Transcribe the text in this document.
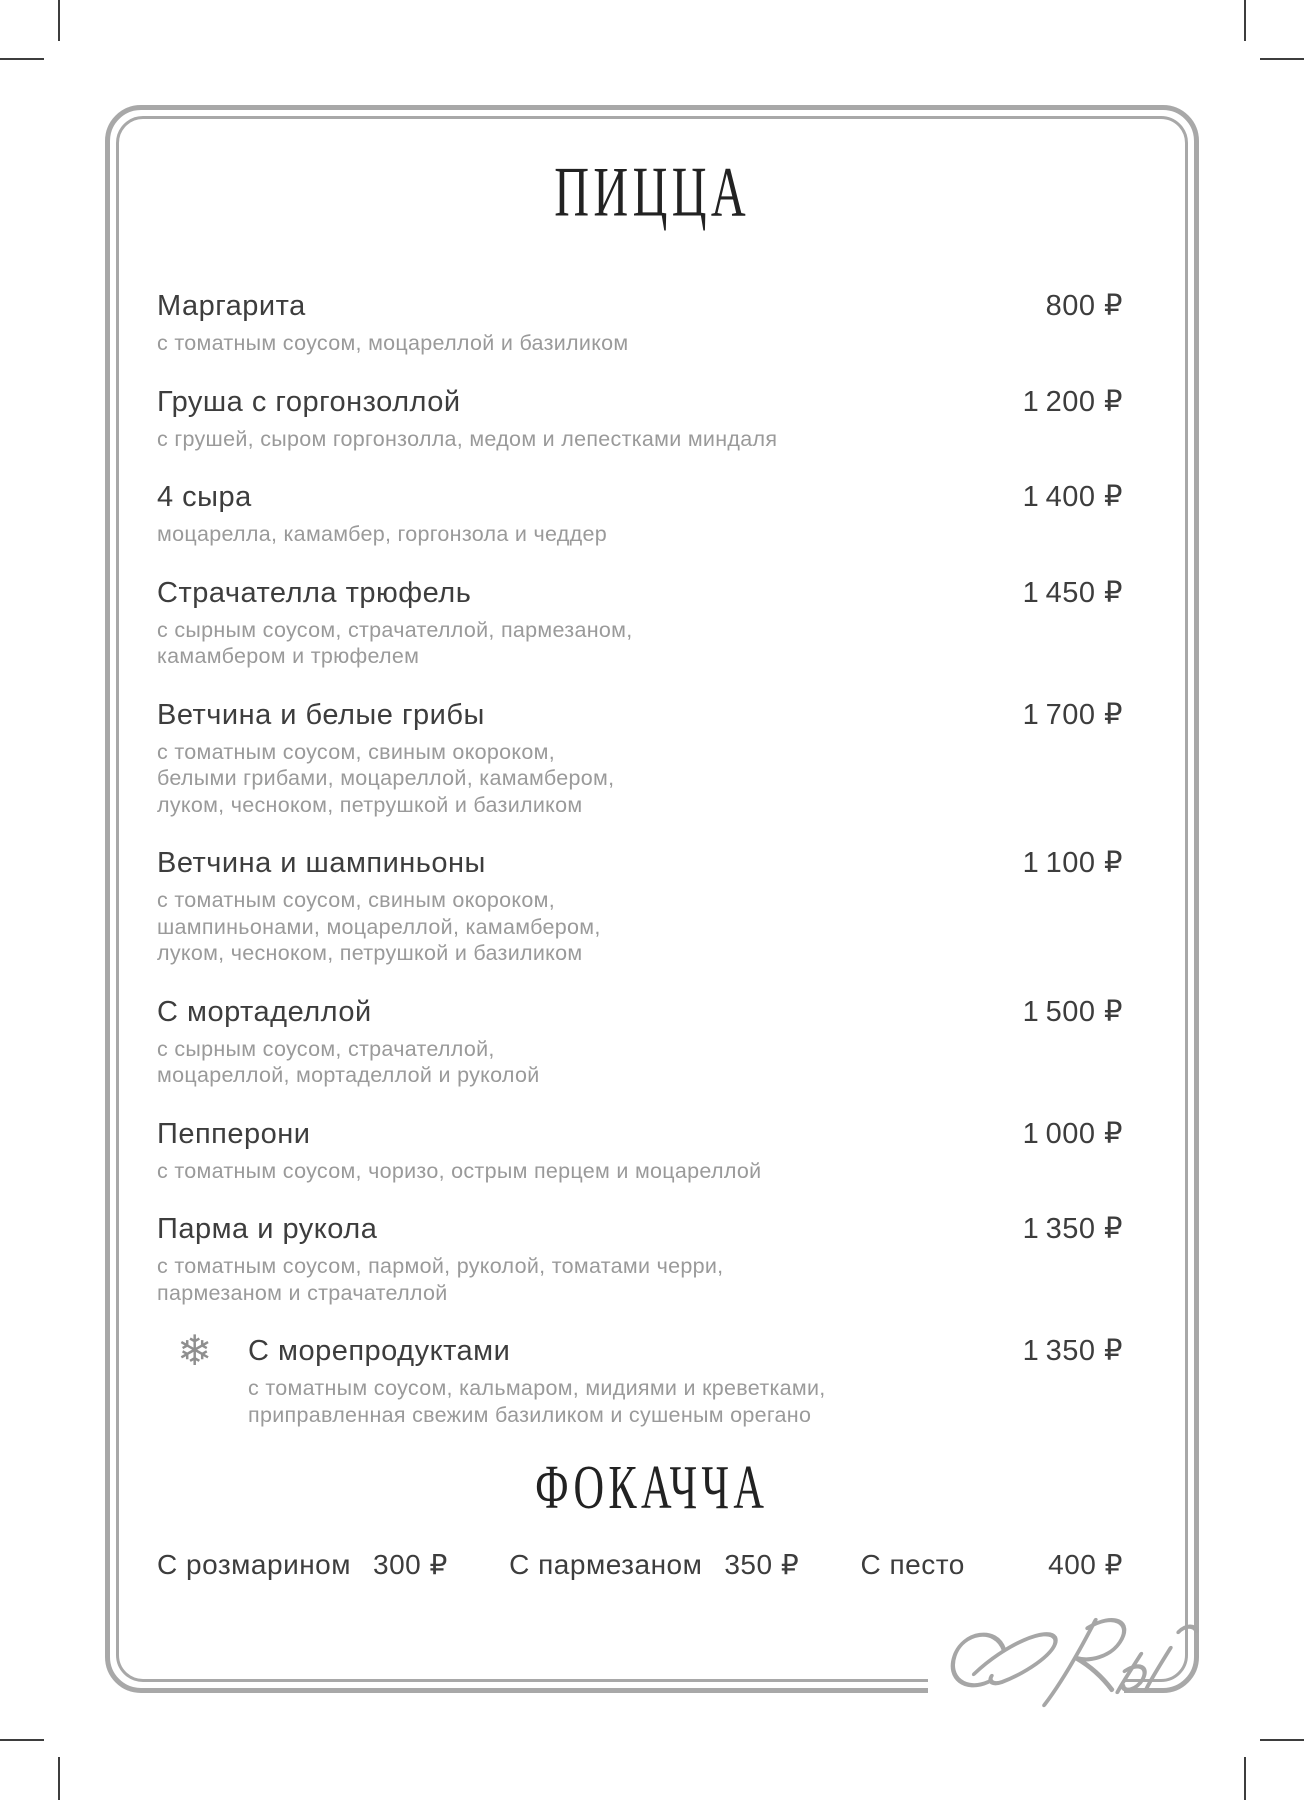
ПИЦЦА
Маргарита
с томатным соусом, моцареллой и базиликом
800 ₽
Груша с горгонзоллой
с грушей, сыром горгонзолла, медом и лепестками миндаля
1 200 ₽
4 сыра
моцарелла, камамбер, горгонзола и чеддер
1 400 ₽
Страчателла трюфель
с сырным соусом, страчателлой, пармезаном,
камамбером и трюфелем
1 450 ₽
Ветчина и белые грибы
с томатным соусом, свиным окороком,
белыми грибами, моцареллой, камамбером,
луком, чесноком, петрушкой и базиликом
1 700 ₽
Ветчина и шампиньоны
с томатным соусом, свиным окороком,
шампиньонами, моцареллой, камамбером,
луком, чесноком, петрушкой и базиликом
1 100 ₽
С мортаделлой
с сырным соусом, страчателлой,
моцареллой, мортаделлой и руколой
1 500 ₽
Пепперони
с томатным соусом, чоризо, острым перцем и моцареллой
1 000 ₽
Парма и рукола
с томатным соусом, пармой, руколой, томатами черри,
пармезаном и страчателлой
1 350 ₽
❄	С морепродуктами
с томатным соусом, кальмаром, мидиями и креветками,
приправленная свежим базиликом и сушеным орегано
1 350 ₽
ФОКАЧЧА
С розмарином 300 ₽ С пармезаном 350 ₽ С песто	400 ₽
